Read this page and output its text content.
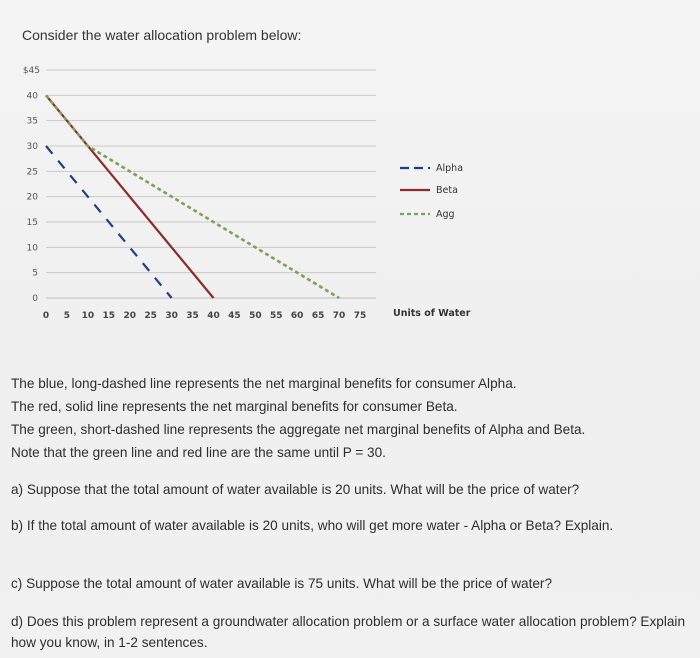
Consider the water allocation problem below:
0
5
10
15
20
25
30
35
40
0 5 10 15 20 25 30 35 40 45 50 55 60 65 70 75
Alpha
Beta
Agg
Units of Water
$45

The blue, long-dashed line represents the net marginal benefits for consumer Alpha.

The red, solid line represents the net marginal benefits for consumer Beta.

The green, short-dashed line represents the aggregate net marginal benefits of Alpha and Beta.

Note that the green line and red line are the same until P = 30.

a) Suppose that the total amount of water available is 20 units. What will be the price of water?

b) If the total amount of water available is 20 units, who will get more water - Alpha or Beta? Explain.

c) Suppose the total amount of water available is 75 units. What will be the price of water?

d) Does this problem represent a groundwater allocation problem or a surface water allocation problem? Explain how you know, in 1-2 sentences.
